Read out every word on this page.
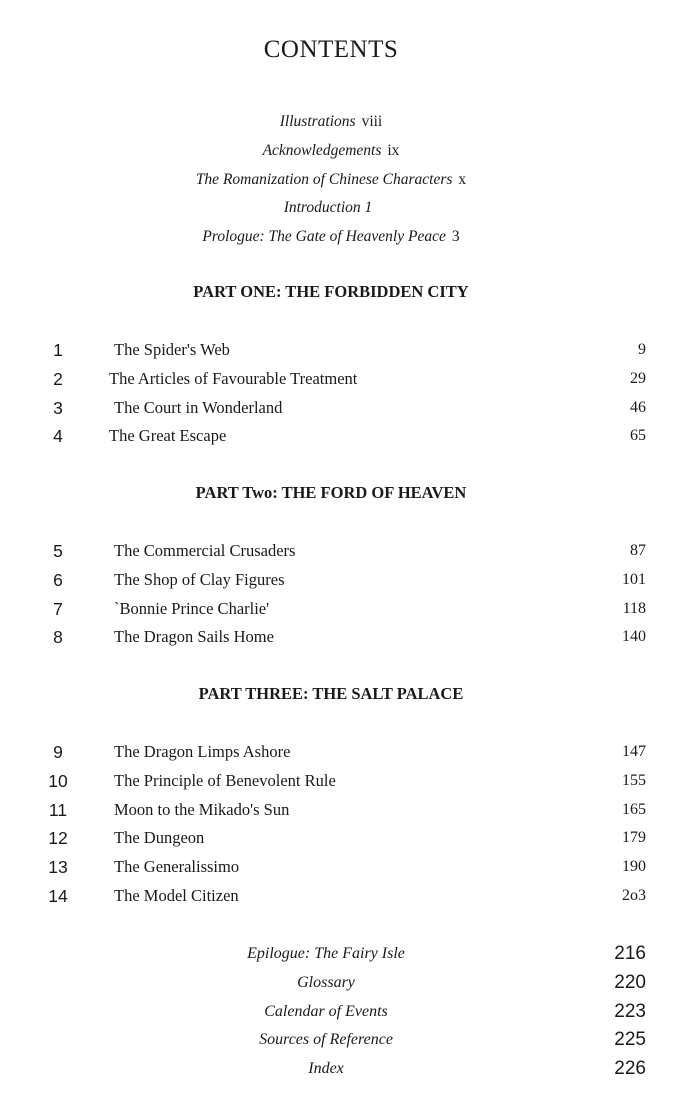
CONTENTS
Illustrations viii
Acknowledgements ix
The Romanization of Chinese Characters x
Introduction 1
Prologue: The Gate of Heavenly Peace 3
PART ONE: THE FORBIDDEN CITY
1	The Spider's Web	9
2	The Articles of Favourable Treatment	29
3	The Court in Wonderland	46
4	The Great Escape	65
PART Two: THE FORD OF HEAVEN
5	The Commercial Crusaders	87
6	The Shop of Clay Figures	101
7	`Bonnie Prince Charlie'	118
8	The Dragon Sails Home	140
PART THREE: THE SALT PALACE
9	The Dragon Limps Ashore	147
10	The Principle of Benevolent Rule	155
11	Moon to the Mikado's Sun	165
12	The Dungeon	179
13	The Generalissimo	190
14	The Model Citizen	2o3
Epilogue: The Fairy Isle	216
Glossary	220
Calendar of Events	223
Sources of Reference	225
Index	226
